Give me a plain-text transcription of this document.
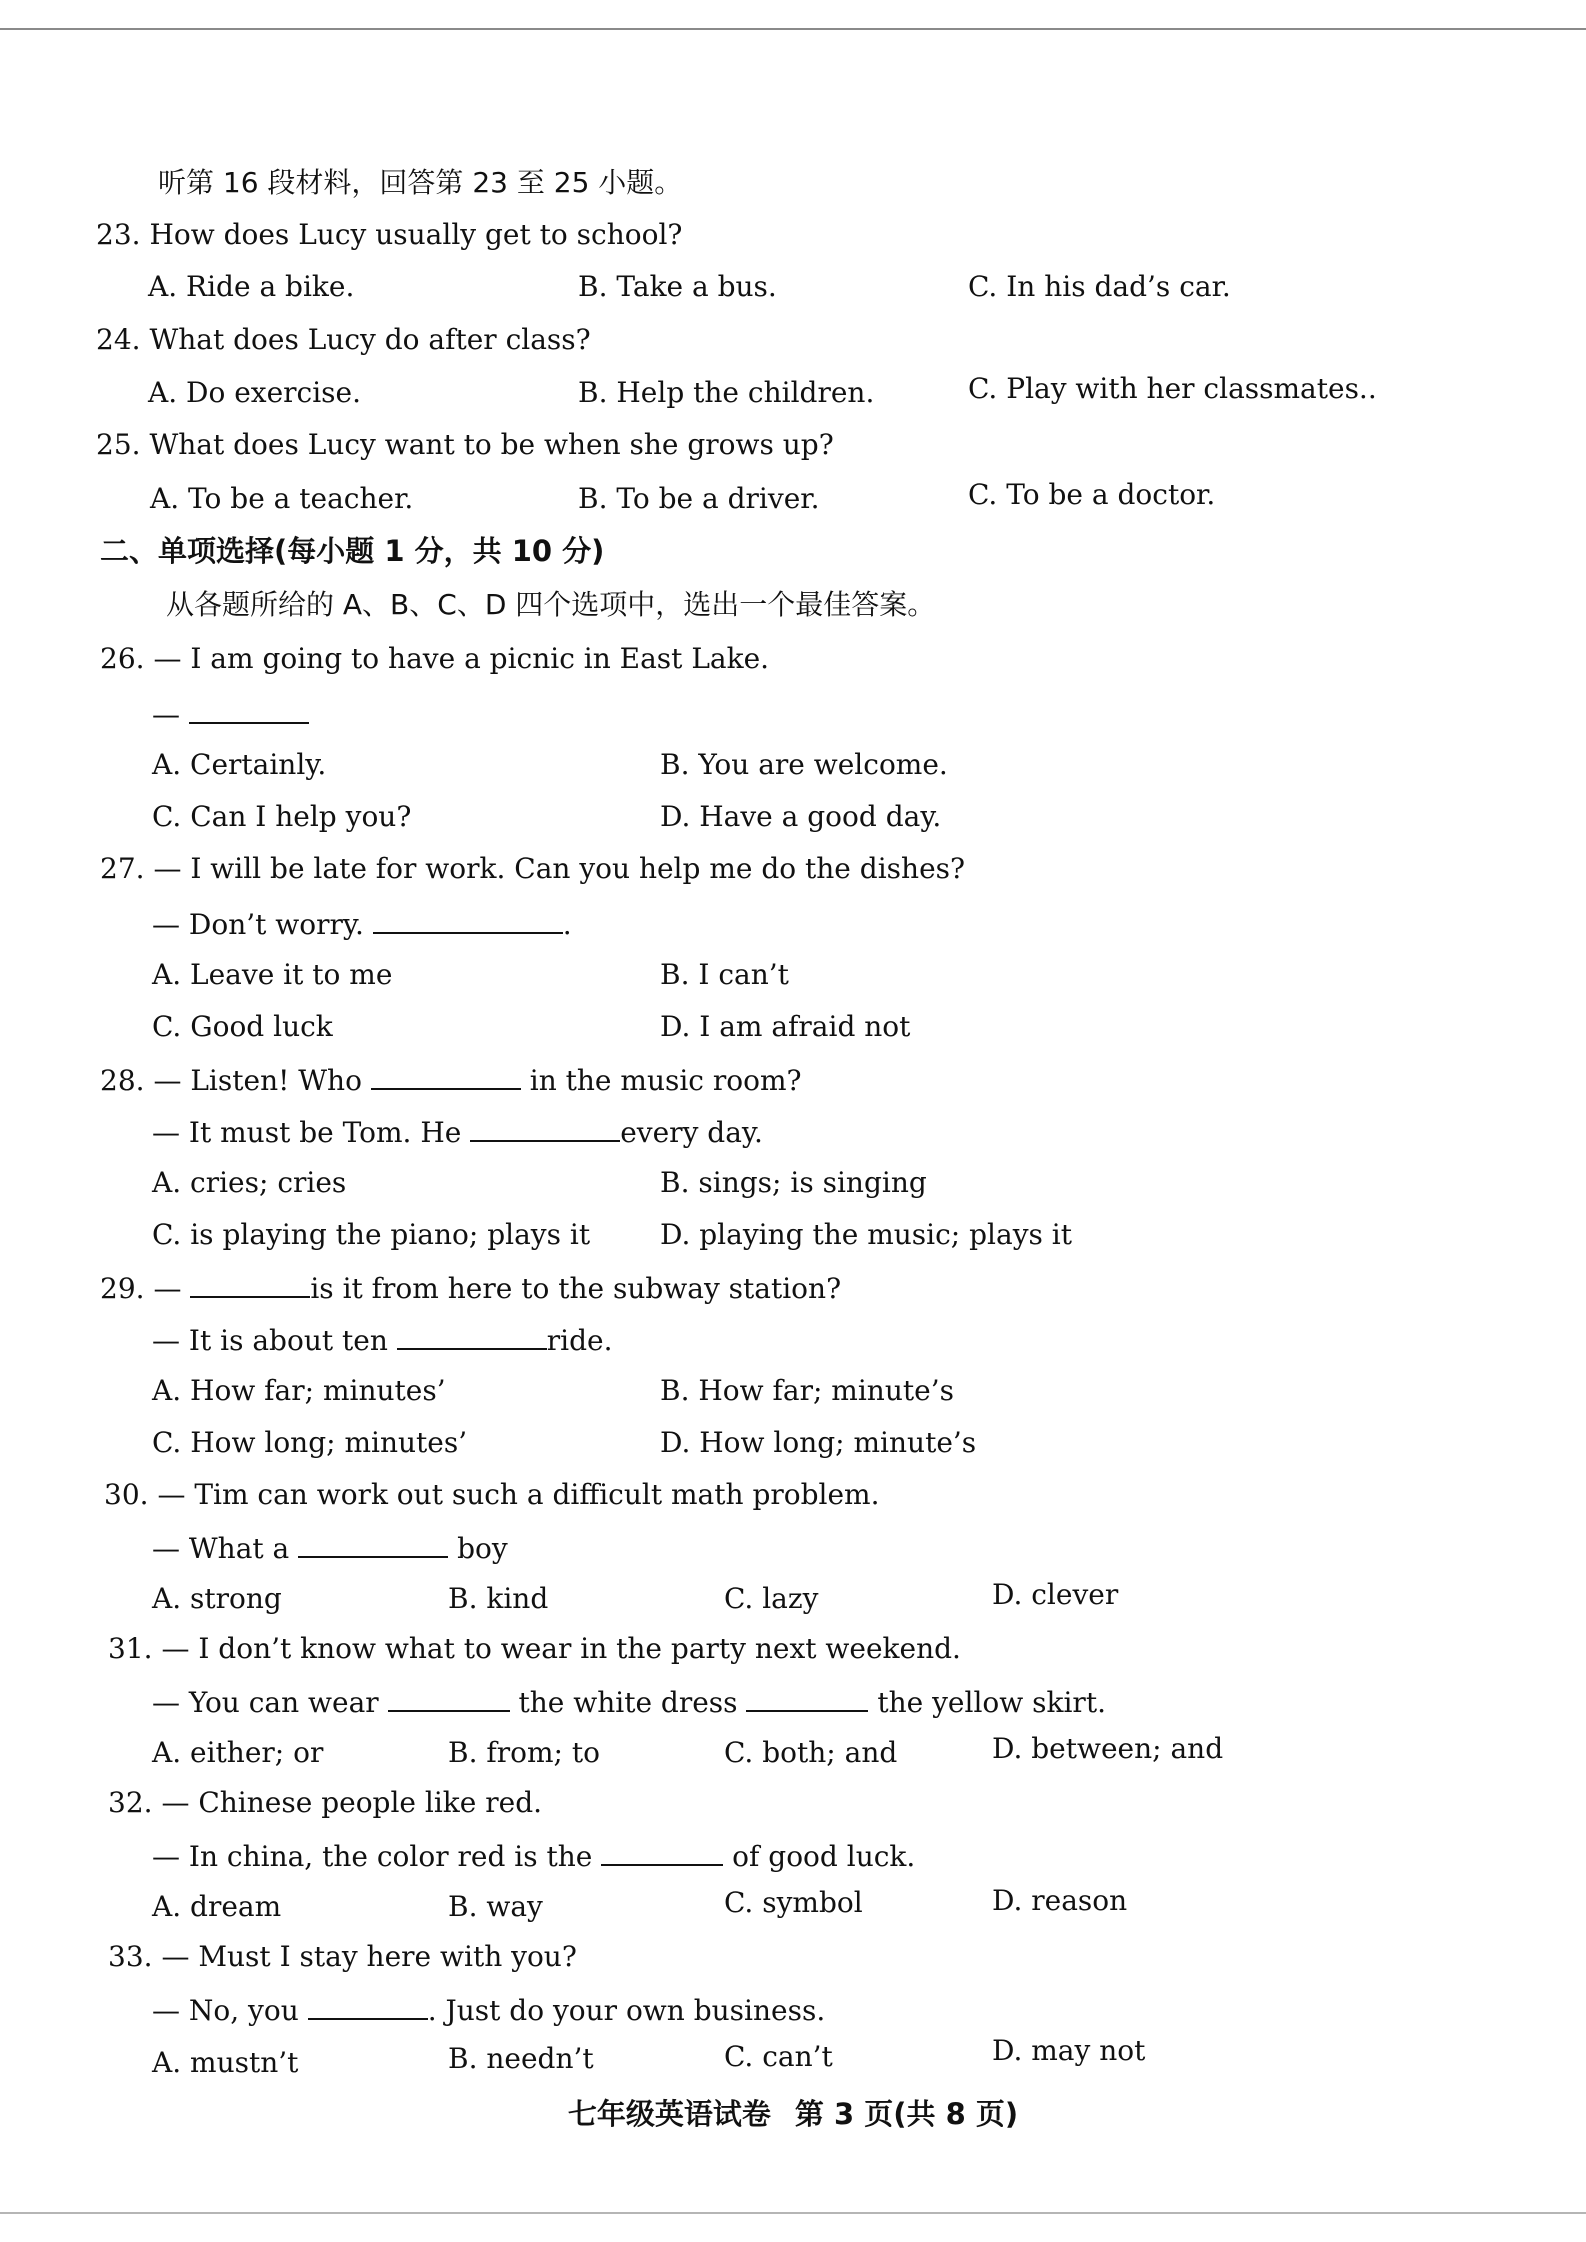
听第 16 段材料，回答第 23 至 25 小题。
23. How does Lucy usually get to school?
A. Ride a bike.	B. Take a bus.	C. In his dad’s car.
24. What does Lucy do after class?
A. Do exercise.	B. Help the children.	C. Play with her classmates..
25. What does Lucy want to be when she grows up?
A. To be a teacher.	B. To be a driver.	C. To be a doctor.
二、单项选择(每小题 1 分，共 10 分)
从各题所给的 A、B、C、D 四个选项中，选出一个最佳答案。
26. — I am going to have a picnic in East Lake.
—
A. Certainly.	B. You are welcome.
C. Can I help you?	D. Have a good day.
27. — I will be late for work. Can you help me do the dishes?
— Don’t worry.	.
A. Leave it to me	B. I can’t
C. Good luck	D. I am afraid not
28. — Listen! Who	in the music room?
— It must be Tom. He	every day.
A. cries; cries	B. sings; is singing
C. is playing the piano; plays it D. playing the music; plays it
29. —	is it from here to the subway station?
— It is about ten	ride.
A. How far; minutes’	B. How far; minute’s
C. How long; minutes’	D. How long; minute’s
30. — Tim can work out such a difficult math problem.
— What a	boy
A. strong	B. kind	C. lazy	D. clever
31. — I don’t know what to wear in the party next weekend.
— You can wear	the white dress	the yellow skirt.
A. either; or	B. from; to	C. both; and	D. between; and
32. — Chinese people like red.
— In china, the color red is the	of good luck.
A. dream	B. way	C. symbol	D. reason
33. — Must I stay here with you?
— No, you	. Just do your own business.
A. mustn’t	B. needn’t	C. can’t	D. may not
七年级英语试卷 第 3 页(共 8 页)
